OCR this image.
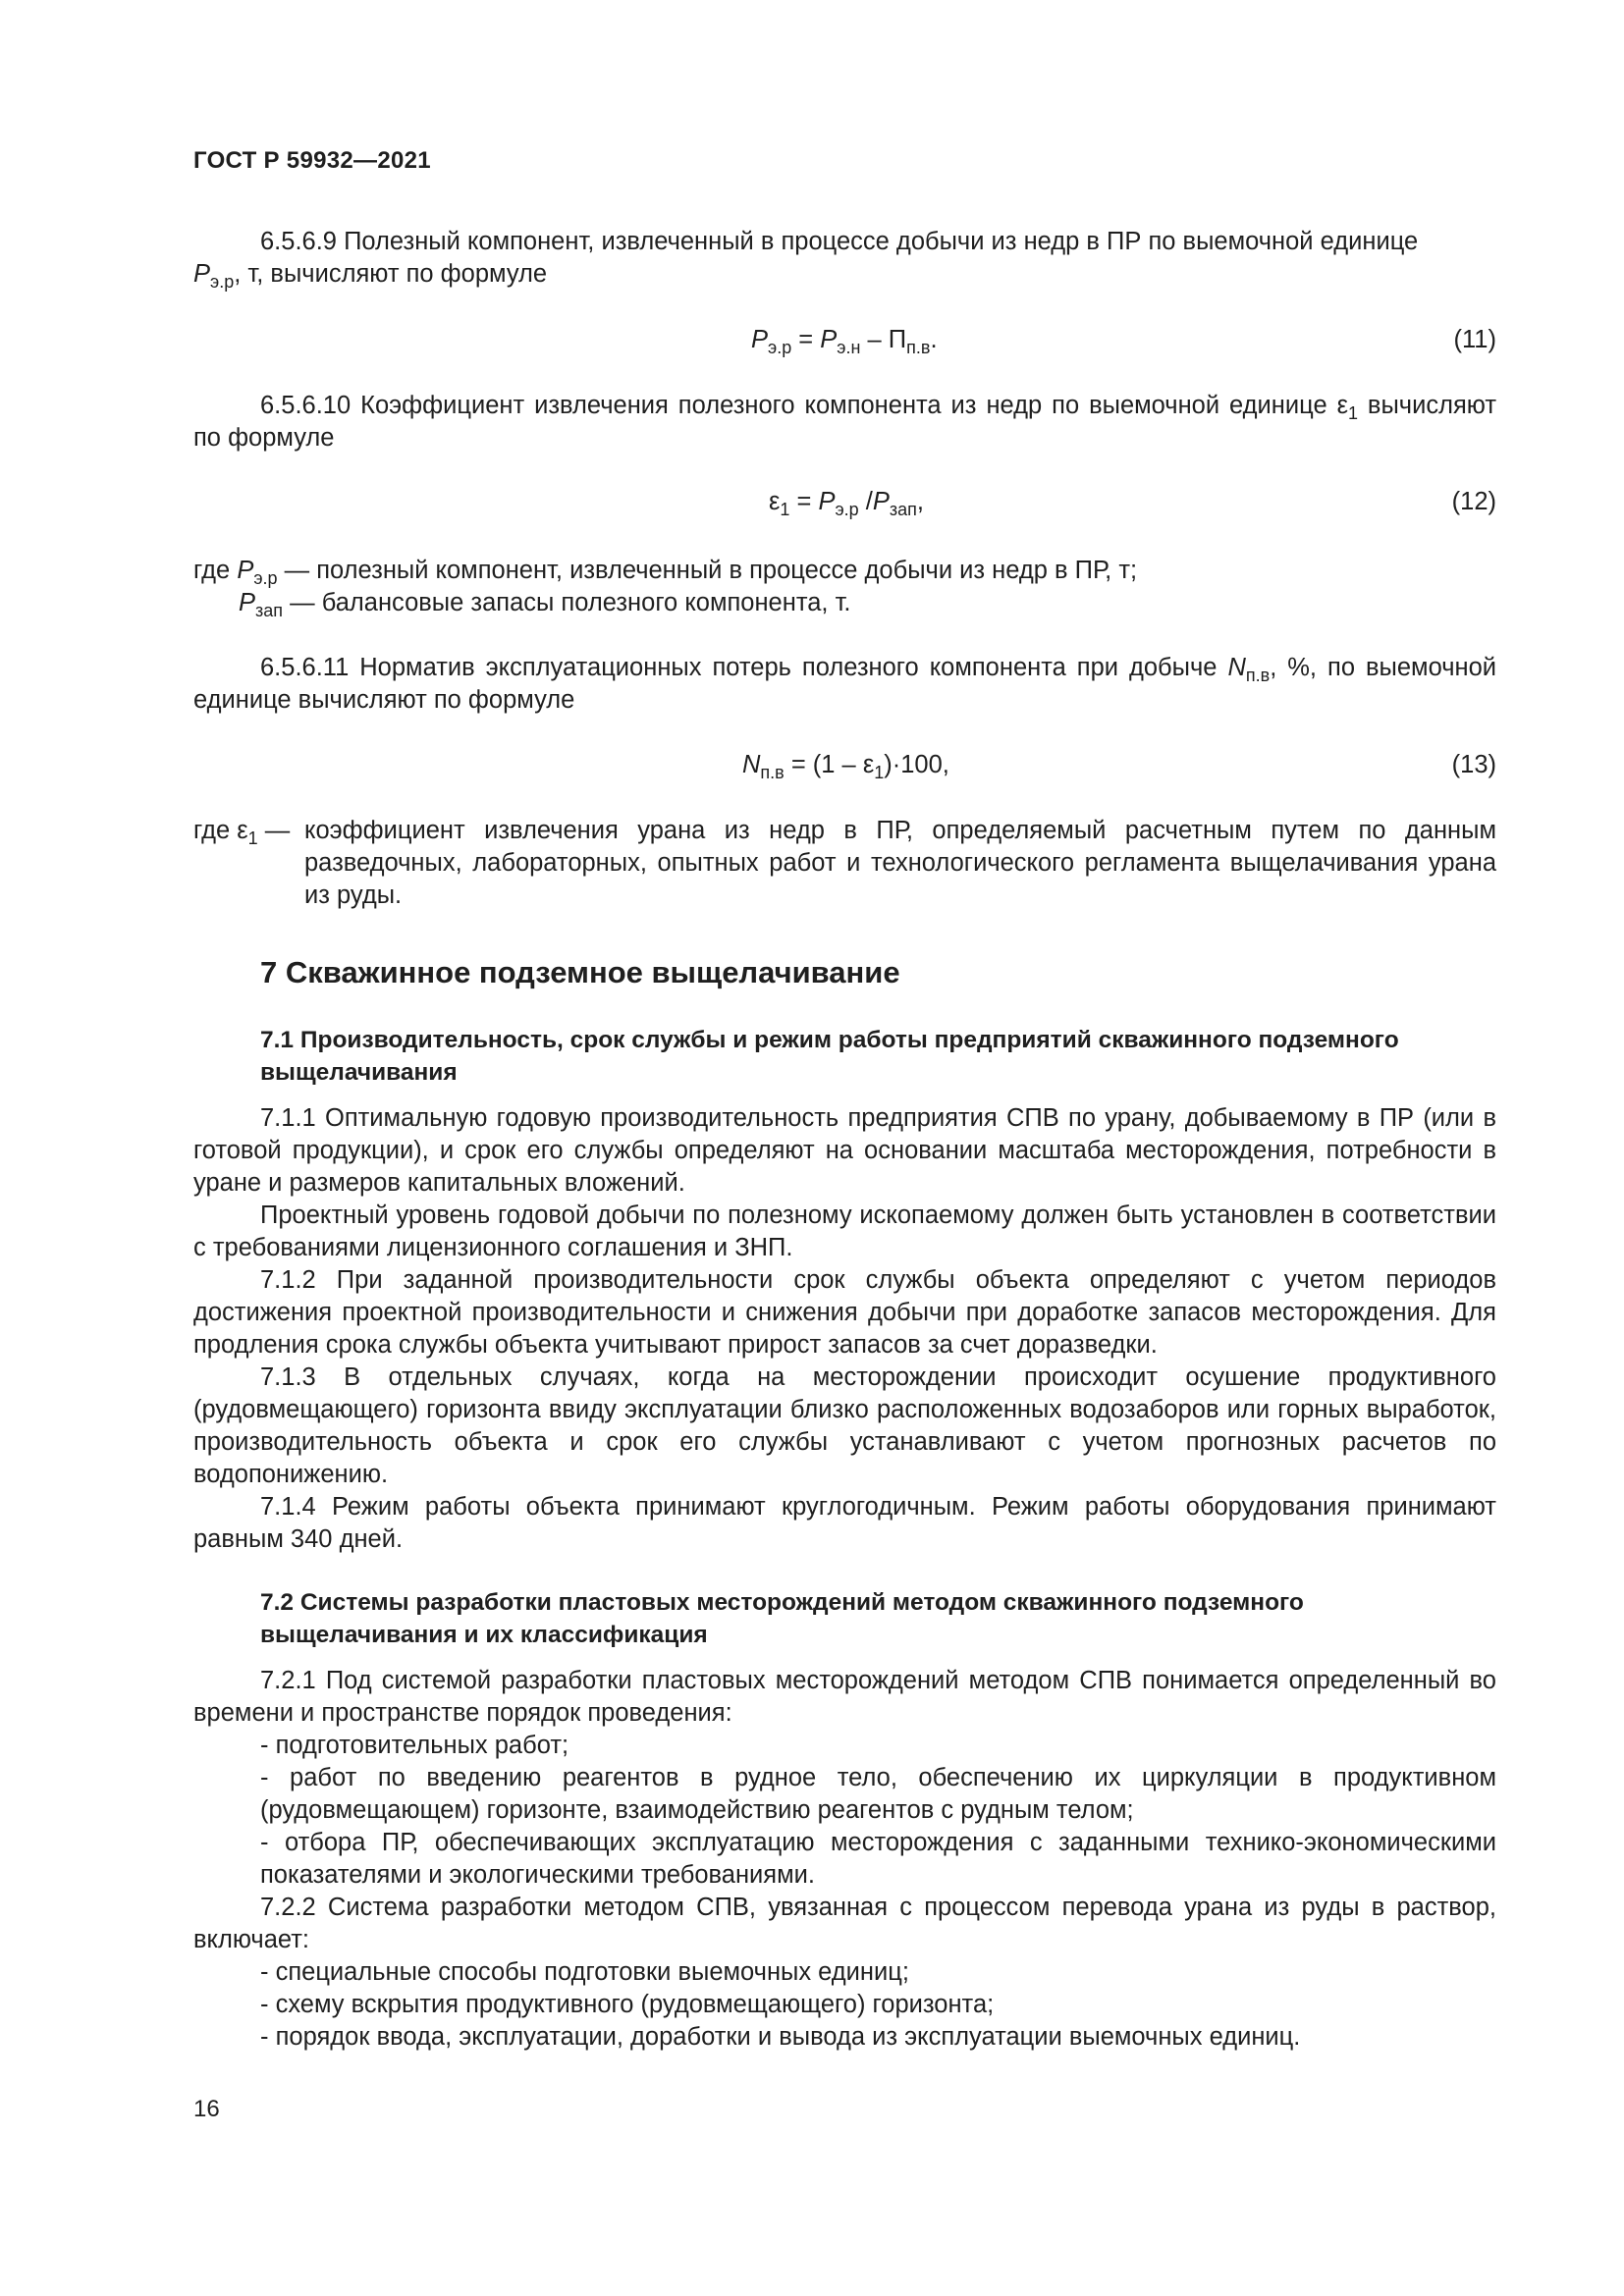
ГОСТ Р 59932—2021
6.5.6.9 Полезный компонент, извлеченный в процессе добычи из недр в ПР по выемочной единице
$P_{э.р}$, т, вычисляют по формуле
$P_{э.р} = P_{э.н} - П_{п.в}$.	(11)
6.5.6.10 Коэффициент извлечения полезного компонента из недр по выемочной единице $\varepsilon_1$ вычисляют по формуле
$\varepsilon_1 = P_{э.р}$ $/P_{зап}$,	(12)
где $P_{э.р}$ — полезный компонент, извлеченный в процессе добычи из недр в ПР, т;
$P_{зап}$ — балансовые запасы полезного компонента, т.
6.5.6.11 Норматив эксплуатационных потерь полезного компонента при добыче $N_{п.в}$, %, по выемочной единице вычисляют по формуле
$N_{п.в} = (1 - \varepsilon_1)\cdot 100$,	(13)
где $\varepsilon_1$ — коэффициент извлечения урана из недр в ПР, определяемый расчетным путем по данным разведочных, лабораторных, опытных работ и технологического регламента выщелачивания урана из руды.
7 Скважинное подземное выщелачивание
7.1 Производительность, срок службы и режим работы предприятий скважинного подземного выщелачивания
7.1.1 Оптимальную годовую производительность предприятия СПВ по урану, добываемому в ПР (или в готовой продукции), и срок его службы определяют на основании масштаба месторождения, потребности в уране и размеров капитальных вложений.
Проектный уровень годовой добычи по полезному ископаемому должен быть установлен в соответствии с требованиями лицензионного соглашения и ЗНП.
7.1.2 При заданной производительности срок службы объекта определяют с учетом периодов достижения проектной производительности и снижения добычи при доработке запасов месторождения. Для продления срока службы объекта учитывают прирост запасов за счет доразведки.
7.1.3 В отдельных случаях, когда на месторождении происходит осушение продуктивного (рудовмещающего) горизонта ввиду эксплуатации близко расположенных водозаборов или горных выработок, производительность объекта и срок его службы устанавливают с учетом прогнозных расчетов по водопонижению.
7.1.4 Режим работы объекта принимают круглогодичным. Режим работы оборудования принимают равным 340 дней.
7.2 Системы разработки пластовых месторождений методом скважинного подземного выщелачивания и их классификация
7.2.1 Под системой разработки пластовых месторождений методом СПВ понимается определенный во времени и пространстве порядок проведения:
- подготовительных работ;
- работ по введению реагентов в рудное тело, обеспечению их циркуляции в продуктивном (рудовмещающем) горизонте, взаимодействию реагентов с рудным телом;
- отбора ПР, обеспечивающих эксплуатацию месторождения с заданными технико-экономическими показателями и экологическими требованиями.
7.2.2 Система разработки методом СПВ, увязанная с процессом перевода урана из руды в раствор, включает:
- специальные способы подготовки выемочных единиц;
- схему вскрытия продуктивного (рудовмещающего) горизонта;
- порядок ввода, эксплуатации, доработки и вывода из эксплуатации выемочных единиц.
16
